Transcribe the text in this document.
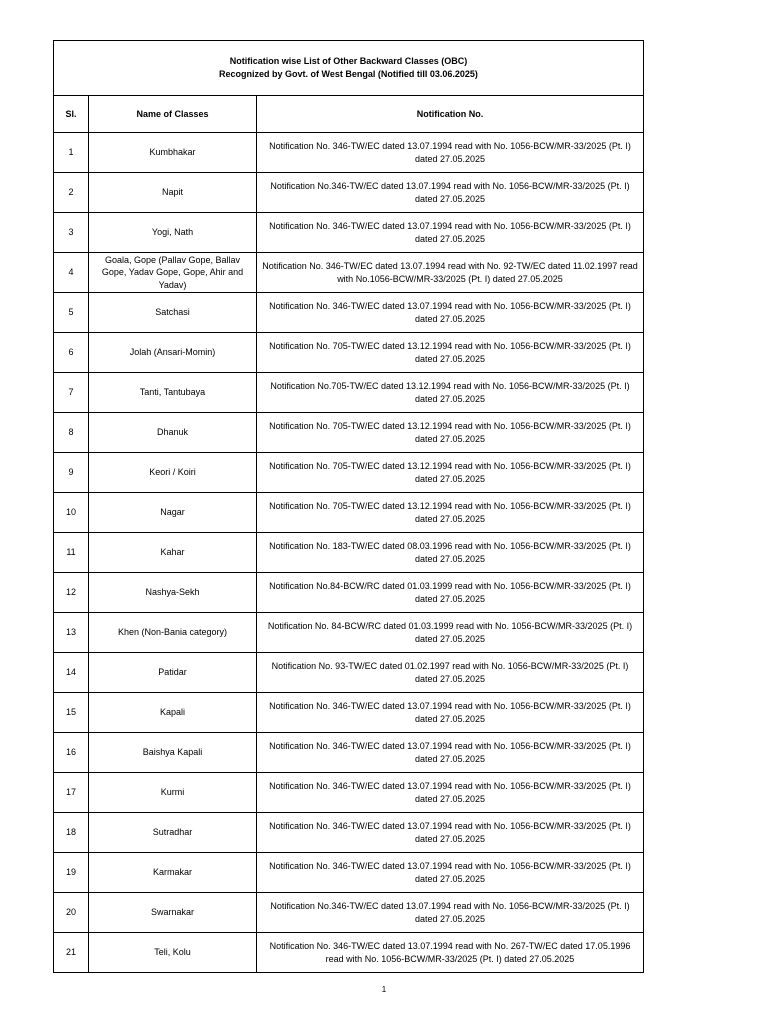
Notification wise List of Other Backward Classes (OBC)
Recognized by Govt. of West Bengal (Notified till 03.06.2025)		

Sl.	Name of Classes	Notification No.
1	Kumbhakar	Notification No. 346-TW/EC dated 13.07.1994 read with No. 1056-BCW/MR-33/2025 (Pt. I) dated 27.05.2025
2	Napit	Notification No.346-TW/EC dated 13.07.1994 read with No. 1056-BCW/MR-33/2025 (Pt. I) dated 27.05.2025
3	Yogi, Nath	Notification No. 346-TW/EC dated 13.07.1994 read with No. 1056-BCW/MR-33/2025 (Pt. I) dated 27.05.2025
4	Goala, Gope (Pallav Gope, Ballav Gope, Yadav Gope, Gope, Ahir and Yadav)	Notification No. 346-TW/EC dated 13.07.1994 read with No. 92-TW/EC dated 11.02.1997 read with No.1056-BCW/MR-33/2025 (Pt. I) dated 27.05.2025
5	Satchasi	Notification No. 346-TW/EC dated 13.07.1994 read with No. 1056-BCW/MR-33/2025 (Pt. I) dated 27.05.2025
6	Jolah (Ansari-Momin)	Notification No. 705-TW/EC dated 13.12.1994 read with No. 1056-BCW/MR-33/2025 (Pt. I) dated 27.05.2025
7	Tanti, Tantubaya	Notification No.705-TW/EC dated 13.12.1994 read with No. 1056-BCW/MR-33/2025 (Pt. I) dated 27.05.2025
8	Dhanuk	Notification No. 705-TW/EC dated 13.12.1994 read with No. 1056-BCW/MR-33/2025 (Pt. I) dated 27.05.2025
9	Keori / Koiri	Notification No. 705-TW/EC dated 13.12.1994 read with No. 1056-BCW/MR-33/2025 (Pt. I) dated 27.05.2025
10	Nagar	Notification No. 705-TW/EC dated 13.12.1994 read with No. 1056-BCW/MR-33/2025 (Pt. I) dated 27.05.2025
11	Kahar	Notification No. 183-TW/EC dated 08.03.1996 read with No. 1056-BCW/MR-33/2025 (Pt. I) dated 27.05.2025
12	Nashya-Sekh	Notification No.84-BCW/RC dated 01.03.1999 read with No. 1056-BCW/MR-33/2025 (Pt. I) dated 27.05.2025
13	Khen (Non-Bania category)	Notification No. 84-BCW/RC dated 01.03.1999 read with No. 1056-BCW/MR-33/2025 (Pt. I) dated 27.05.2025
14	Patidar	Notification No. 93-TW/EC dated 01.02.1997 read with No. 1056-BCW/MR-33/2025 (Pt. I) dated 27.05.2025
15	Kapali	Notification No. 346-TW/EC dated 13.07.1994 read with No. 1056-BCW/MR-33/2025 (Pt. I) dated 27.05.2025
16	Baishya Kapali	Notification No. 346-TW/EC dated 13.07.1994 read with No. 1056-BCW/MR-33/2025 (Pt. I) dated 27.05.2025
17	Kurmi	Notification No. 346-TW/EC dated 13.07.1994 read with No. 1056-BCW/MR-33/2025 (Pt. I) dated 27.05.2025
18	Sutradhar	Notification No. 346-TW/EC dated 13.07.1994 read with No. 1056-BCW/MR-33/2025 (Pt. I) dated 27.05.2025
19	Karmakar	Notification No. 346-TW/EC dated 13.07.1994 read with No. 1056-BCW/MR-33/2025 (Pt. I) dated 27.05.2025
20	Swarnakar	Notification No.346-TW/EC dated 13.07.1994 read with No. 1056-BCW/MR-33/2025 (Pt. I) dated 27.05.2025
21	Teli, Kolu	Notification No. 346-TW/EC dated 13.07.1994 read with No. 267-TW/EC dated 17.05.1996 read with No. 1056-BCW/MR-33/2025 (Pt. I) dated 27.05.2025
1
